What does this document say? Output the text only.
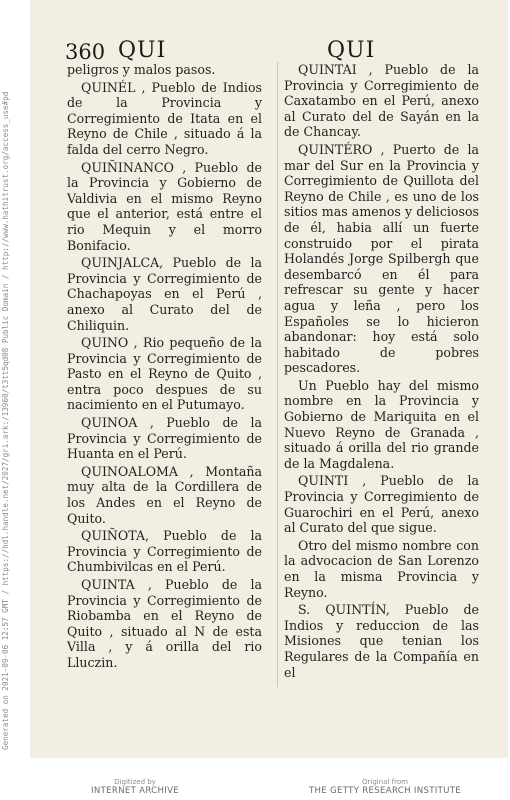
360 QUI	QUI

peligros y malos pasos.

QUINÉL , Pueblo de Indios de la Provincia y Corregimiento de Itata en el Reyno de Chile , situado á la falda del cerro Negro.

QUIÑINANCO , Pueblo de la Provincia y Gobierno de Valdivia en el mismo Reyno que el anterior, está entre el rio Mequin y el morro Bonifacio.

QUINJALCA, Pueblo de la Provincia y Corregimiento de Chachapoyas en el Perú , anexo al Curato del de Chiliquin.

QUINO , Rio pequeño de la Provincia y Corregimiento de Pasto en el Reyno de Quito , entra poco despues de su nacimiento en el Putumayo.

QUINOA , Pueblo de la Provincia y Corregimiento de Huanta en el Perú.

QUINOALOMA , Montaña muy alta de la Cordillera de los Andes en el Reyno de Quito.

QUIÑOTA, Pueblo de la Provincia y Corregimiento de Chumbivilcas en el Perú.

QUINTA , Pueblo de la Provincia y Corregimiento de Riobamba en el Reyno de Quito , situado al N de esta Villa , y á orilla del rio Lluczin.

QUINTAI , Pueblo de la Provincia y Corregimiento de Caxatambo en el Perú, anexo al Curato del de Sayán en la de Chancay.

QUINTÉRO , Puerto de la mar del Sur en la Provincia y Corregimiento de Quillota del Reyno de Chile , es uno de los sitios mas amenos y deliciosos de él, habia allí un fuerte construido por el pirata Holandés Jorge Spilbergh que desembarcó en él para refrescar su gente y hacer agua y leña , pero los Españoles se lo hicieron abandonar: hoy está solo habitado de pobres pescadores.

Un Pueblo hay del mismo nombre en la Provincia y Gobierno de Mariquita en el Nuevo Reyno de Granada , situado á orilla del rio grande de la Magdalena.

QUINTI , Pueblo de la Provincia y Corregimiento de Guarochiri en el Perú, anexo al Curato del que sigue.

Otro del mismo nombre con la advocacion de San Lorenzo en la misma Provincia y Reyno.

S. QUINTÍN, Pueblo de Indios y reduccion de las Misiones que tenian los Regulares de la Compañía en el

Generated on 2021-09-06 12:57 GMT / https://hdl.handle.net/2027/gri.ark:/13960/t3tt5qd08 Public Domain / http://www.hathitrust.org/access_use#pd
Digitized by
INTERNET ARCHIVE
Original from
THE GETTY RESEARCH INSTITUTE
